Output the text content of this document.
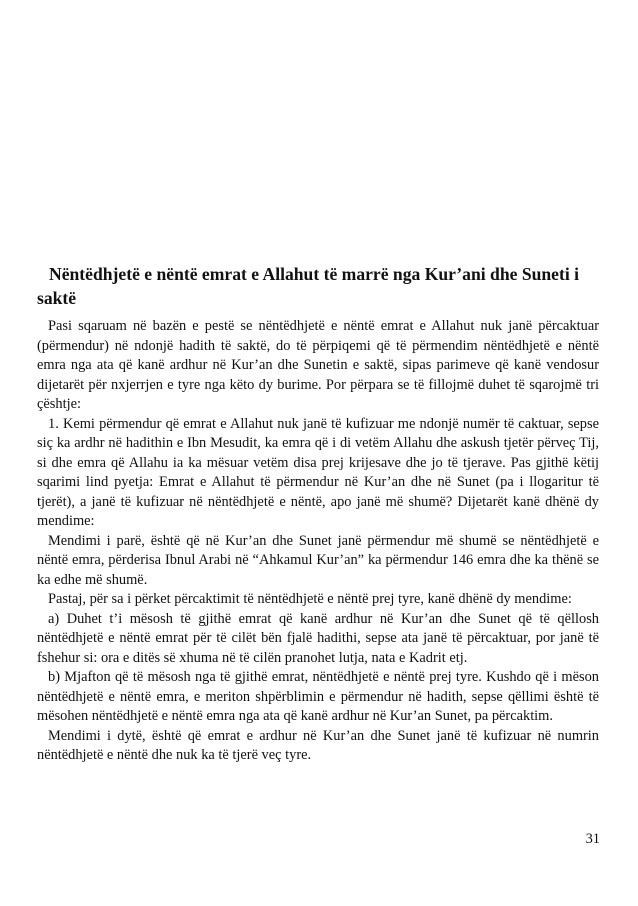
Nëntëdhjetë e nëntë emrat e Allahut të marrë nga Kur’ani dhe Suneti i saktë

Pasi sqaruam në bazën e pestë se nëntëdhjetë e nëntë emrat e Allahut nuk janë përcaktuar (përmendur) në ndonjë hadith të saktë, do të përpiqemi që të përmendim nëntëdhjetë e nëntë emra nga ata që kanë ardhur në Kur’an dhe Sunetin e saktë, sipas parimeve që kanë vendosur dijetarët për nxjerrjen e tyre nga këto dy burime. Por përpara se të fillojmë duhet të sqarojmë tri çështje:

1. Kemi përmendur që emrat e Allahut nuk janë të kufizuar me ndonjë numër të caktuar, sepse siç ka ardhr në hadithin e Ibn Mesudit, ka emra që i di vetëm Allahu dhe askush tjetër përveç Tij, si dhe emra që Allahu ia ka mësuar vetëm disa prej krijesave dhe jo të tjerave. Pas gjithë këtij sqarimi lind pyetja: Emrat e Allahut të përmendur në Kur’an dhe në Sunet (pa i llogaritur të tjerët), a janë të kufizuar në nëntëdhjetë e nëntë, apo janë më shumë? Dijetarët kanë dhënë dy mendime:

Mendimi i parë, është që në Kur’an dhe Sunet janë përmendur më shumë se nëntëdhjetë e nëntë emra, përderisa Ibnul Arabi në “Ahkamul Kur’an” ka përmendur 146 emra dhe ka thënë se ka edhe më shumë.

Pastaj, për sa i përket përcaktimit të nëntëdhjetë e nëntë prej tyre, kanë dhënë dy mendime:

a) Duhet t’i mësosh të gjithë emrat që kanë ardhur në Kur’an dhe Sunet që të qëllosh nëntëdhjetë e nëntë emrat për të cilët bën fjalë hadithi, sepse ata janë të përcaktuar, por janë të fshehur si: ora e ditës së xhuma në të cilën pranohet lutja, nata e Kadrit etj.

b) Mjafton që të mësosh nga të gjithë emrat, nëntëdhjetë e nëntë prej tyre. Kushdo që i mëson nëntëdhjetë e nëntë emra, e meriton shpërblimin e përmendur në hadith, sepse qëllimi është të mësohen nëntëdhjetë e nëntë emra nga ata që kanë ardhur në Kur’an Sunet, pa përcaktim.

Mendimi i dytë, është që emrat e ardhur në Kur’an dhe Sunet janë të kufizuar në numrin nëntëdhjetë e nëntë dhe nuk ka të tjerë veç tyre.

31
